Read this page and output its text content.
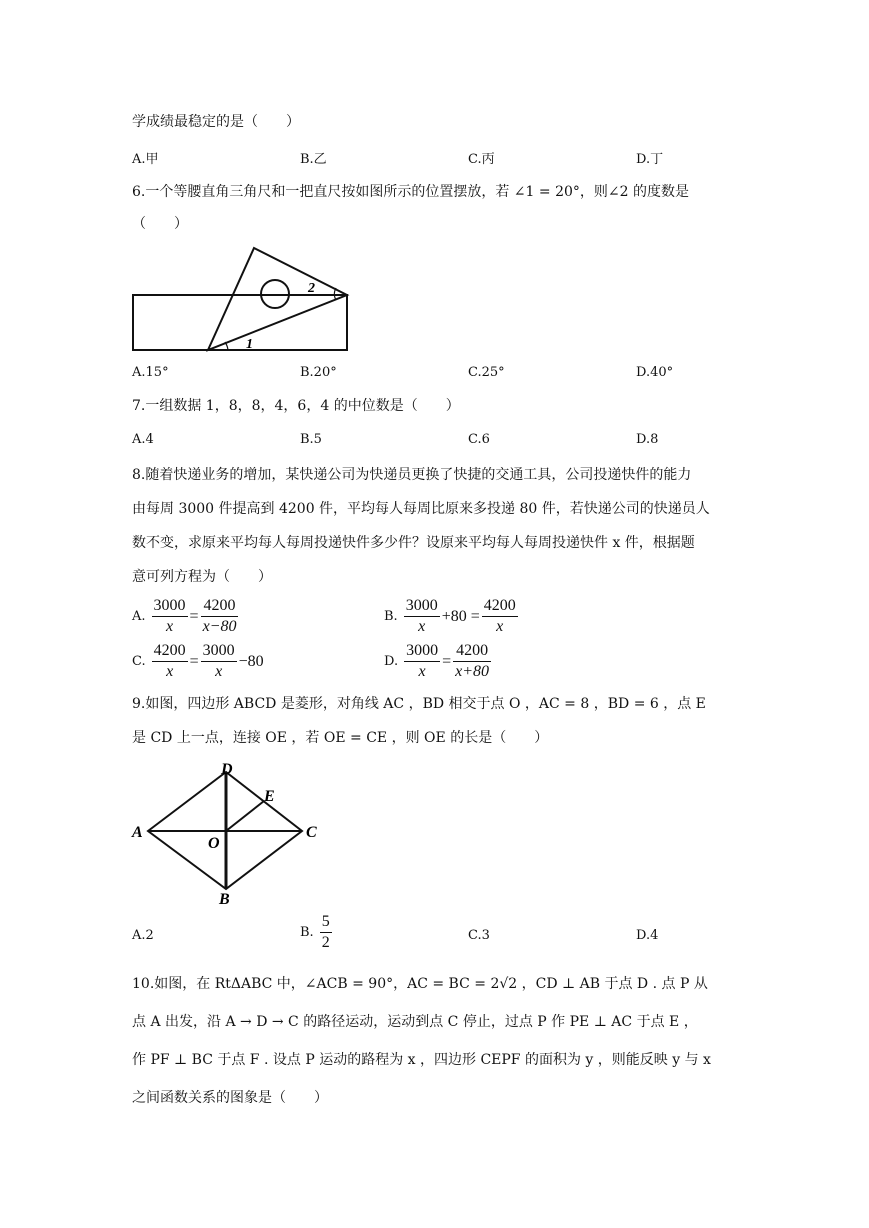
学成绩最稳定的是（　　）
A.甲	B.乙	C.丙	D.丁
6.一个等腰直角三角尺和一把直尺按如图所示的位置摆放，若 ∠1 = 20°，则∠2 的度数是
（　　）
2
1
A.15°	B.20°	C.25°	D.40°
7.一组数据 1，8，8，4，6，4 的中位数是（　　）
A.4	B.5	C.6	D.8
8.随着快递业务的增加，某快递公司为快递员更换了快捷的交通工具，公司投递快件的能力
由每周 3000 件提高到 4200 件，平均每人每周比原来多投递 80 件，若快递公司的快递员人
数不变，求原来平均每人每周投递快件多少件？设原来平均每人每周投递快件 x 件，根据题
意可列方程为（　　）
A. $\frac{3000}{x} = \frac{4200}{x-80}$	B. $\frac{3000}{x} +80 = \frac{4200}{x}$
C. $\frac{4200}{x} = \frac{3000}{x} -80$	D. $\frac{3000}{x} = \frac{4200}{x+80}$
9.如图，四边形 ABCD 是菱形，对角线 AC ，BD 相交于点 O ，AC = 8 ，BD = 6 ，点 E
是 CD 上一点，连接 OE ，若 OE = CE ，则 OE 的长是（　　）
A
B
C
D
E
O
A.2	B. $\frac{5}{2}$	C.3	D.4
10.如图，在 RtΔABC 中，∠ACB = 90°，AC = BC = 2√2 ，CD ⊥ AB 于点 D . 点 P 从
点 A 出发，沿 A → D → C 的路径运动，运动到点 C 停止，过点 P 作 PE ⊥ AC 于点 E ，
作 PF ⊥ BC 于点 F . 设点 P 运动的路程为 x ，四边形 CEPF 的面积为 y ，则能反映 y 与 x
之间函数关系的图象是（　　）
